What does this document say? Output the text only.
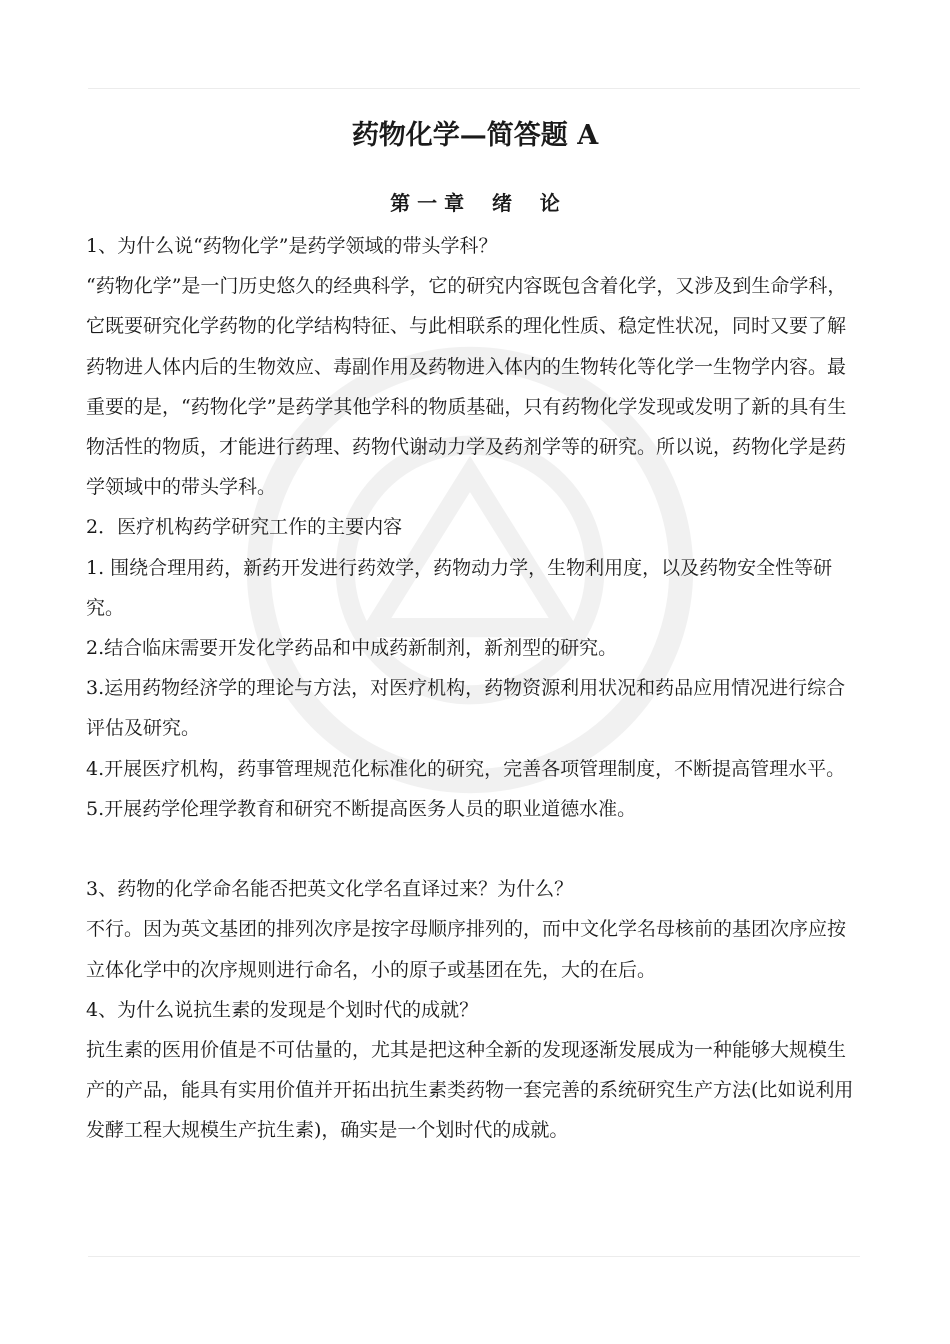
药物化学—简答题 A
第 一 章    绪    论

1、为什么说“药物化学”是药学领域的带头学科？

“药物化学”是一门历史悠久的经典科学，它的研究内容既包含着化学，又涉及到生命学科，它既要研究化学药物的化学结构特征、与此相联系的理化性质、稳定性状况，同时又要了解药物进人体内后的生物效应、毒副作用及药物进入体内的生物转化等化学一生物学内容。最重要的是，“药物化学”是药学其他学科的物质基础，只有药物化学发现或发明了新的具有生物活性的物质，才能进行药理、药物代谢动力学及药剂学等的研究。所以说，药物化学是药学领域中的带头学科。

2．医疗机构药学研究工作的主要内容

1. 围绕合理用药，新药开发进行药效学，药物动力学，生物利用度，以及药物安全性等研究。

2.结合临床需要开发化学药品和中成药新制剂，新剂型的研究。

3.运用药物经济学的理论与方法，对医疗机构，药物资源利用状况和药品应用情况进行综合评估及研究。

4.开展医疗机构，药事管理规范化标准化的研究，完善各项管理制度，不断提高管理水平。

5.开展药学伦理学教育和研究不断提高医务人员的职业道德水准。

3、药物的化学命名能否把英文化学名直译过来？为什么？

不行。因为英文基团的排列次序是按字母顺序排列的，而中文化学名母核前的基团次序应按立体化学中的次序规则进行命名，小的原子或基团在先，大的在后。

4、为什么说抗生素的发现是个划时代的成就？

抗生素的医用价值是不可估量的，尤其是把这种全新的发现逐渐发展成为一种能够大规模生产的产品，能具有实用价值并开拓出抗生素类药物一套完善的系统研究生产方法(比如说利用发酵工程大规模生产抗生素)，确实是一个划时代的成就。
